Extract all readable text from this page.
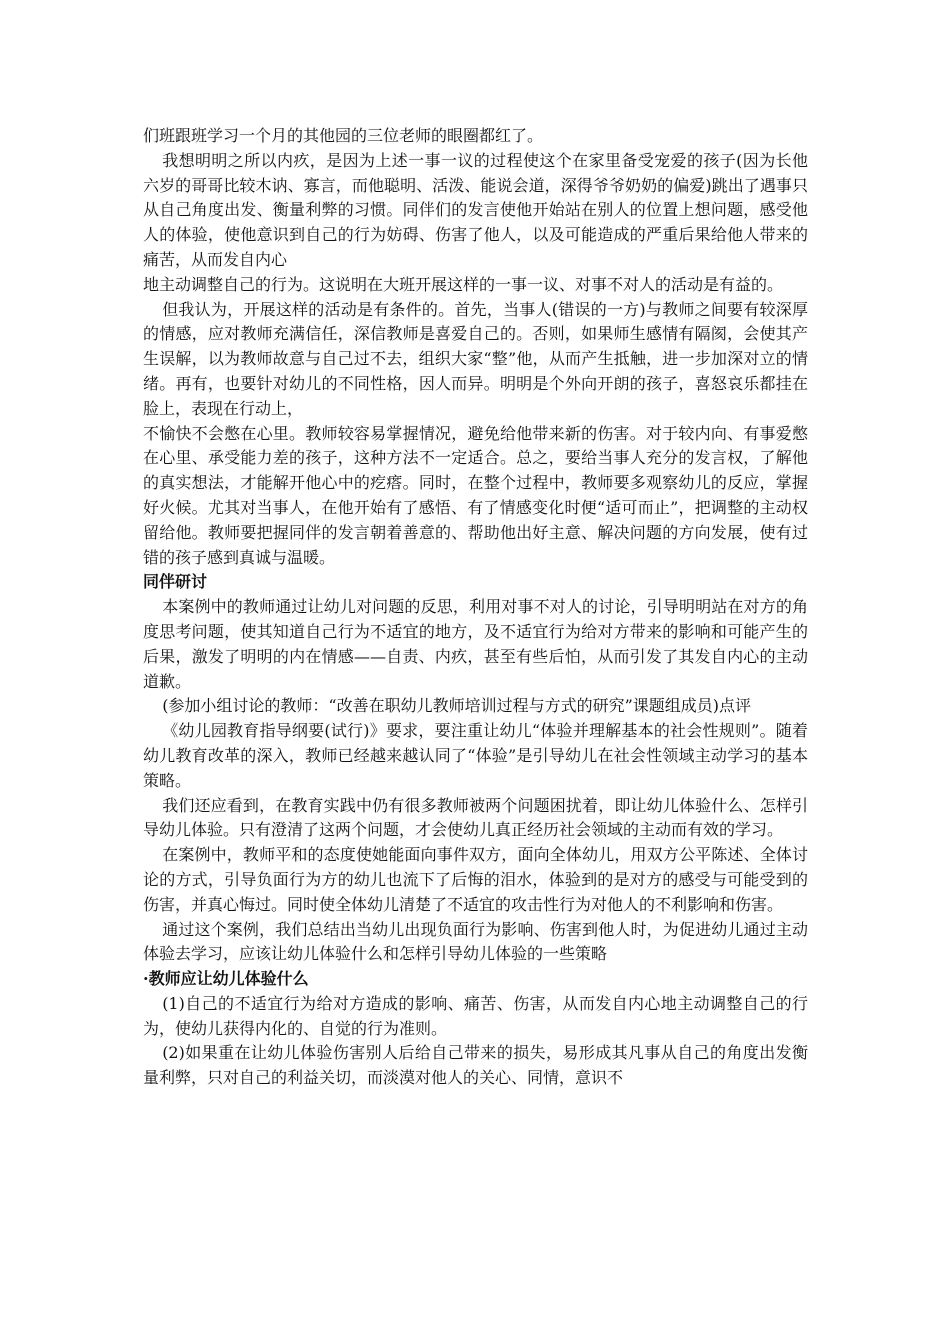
们班跟班学习一个月的其他园的三位老师的眼圈都红了。

我想明明之所以内疚，是因为上述一事一议的过程使这个在家里备受宠爱的孩子(因为长他六岁的哥哥比较木讷、寡言，而他聪明、活泼、能说会道，深得爷爷奶奶的偏爱)跳出了遇事只从自己角度出发、衡量利弊的习惯。同伴们的发言使他开始站在别人的位置上想问题，感受他人的体验，使他意识到自己的行为妨碍、伤害了他人，以及可能造成的严重后果给他人带来的痛苦，从而发自内心

地主动调整自己的行为。这说明在大班开展这样的一事一议、对事不对人的活动是有益的。

但我认为，开展这样的活动是有条件的。首先，当事人(错误的一方)与教师之间要有较深厚的情感，应对教师充满信任，深信教师是喜爱自己的。否则，如果师生感情有隔阂，会使其产生误解，以为教师故意与自己过不去，组织大家“整”他，从而产生抵触，进一步加深对立的情绪。再有，也要针对幼儿的不同性格，因人而异。明明是个外向开朗的孩子，喜怒哀乐都挂在脸上，表现在行动上，

不愉快不会憋在心里。教师较容易掌握情况，避免给他带来新的伤害。对于较内向、有事爱憋在心里、承受能力差的孩子，这种方法不一定适合。总之，要给当事人充分的发言权，了解他的真实想法，才能解开他心中的疙瘩。同时，在整个过程中，教师要多观察幼儿的反应，掌握好火候。尤其对当事人，在他开始有了感悟、有了情感变化时便“适可而止”，把调整的主动权留给他。教师要把握同伴的发言朝着善意的、帮助他出好主意、解决问题的方向发展，使有过错的孩子感到真诚与温暖。

同伴研讨

本案例中的教师通过让幼儿对问题的反思，利用对事不对人的讨论，引导明明站在对方的角度思考问题，使其知道自己行为不适宜的地方，及不适宜行为给对方带来的影响和可能产生的后果，激发了明明的内在情感——自责、内疚，甚至有些后怕，从而引发了其发自内心的主动道歉。

(参加小组讨论的教师：“改善在职幼儿教师培训过程与方式的研究”课题组成员)点评

《幼儿园教育指导纲要(试行)》要求，要注重让幼儿“体验并理解基本的社会性规则”。随着幼儿教育改革的深入，教师已经越来越认同了“体验”是引导幼儿在社会性领域主动学习的基本策略。

我们还应看到，在教育实践中仍有很多教师被两个问题困扰着，即让幼儿体验什么、怎样引导幼儿体验。只有澄清了这两个问题，才会使幼儿真正经历社会领域的主动而有效的学习。

在案例中，教师平和的态度使她能面向事件双方，面向全体幼儿，用双方公平陈述、全体讨论的方式，引导负面行为方的幼儿也流下了后悔的泪水，体验到的是对方的感受与可能受到的伤害，并真心悔过。同时使全体幼儿清楚了不适宜的攻击性行为对他人的不利影响和伤害。

通过这个案例，我们总结出当幼儿出现负面行为影响、伤害到他人时，为促进幼儿通过主动体验去学习，应该让幼儿体验什么和怎样引导幼儿体验的一些策略

·教师应让幼儿体验什么

(1)自己的不适宜行为给对方造成的影响、痛苦、伤害，从而发自内心地主动调整自己的行为，使幼儿获得内化的、自觉的行为准则。

(2)如果重在让幼儿体验伤害别人后给自己带来的损失，易形成其凡事从自己的角度出发衡量利弊，只对自己的利益关切，而淡漠对他人的关心、同情，意识不
